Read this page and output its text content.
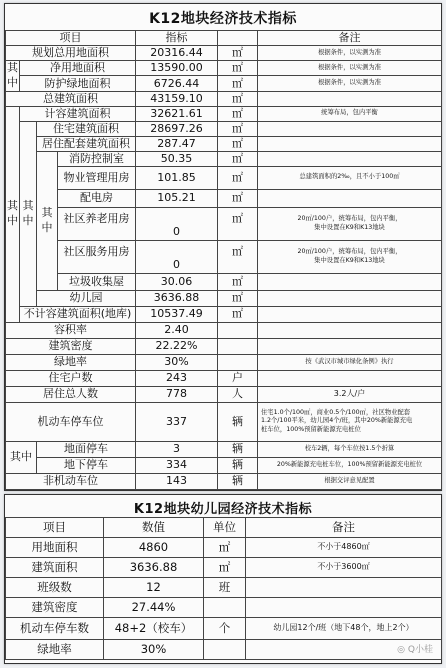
K12地块经济技术指标
项目				指标		备注
规划总用地面积				20316.44	㎡	根据条件，以实测为准
其中	净用地面积			13590.00	㎡	根据条件，以实测为准
	防护绿地面积			6726.44	㎡	根据条件，以实测为准
总建筑面积				43159.10	㎡	
其中	计容建筑面积			32621.61	㎡	统筹布局，包内平衡
	其中	住宅建筑面积		28697.26	㎡	
		居住配套建筑面积		287.47	㎡	
		其中	消防控制室	50.35	㎡	
			物业管理用房	101.85	㎡	总建筑面积的2‰，且不小于100㎡
			配电房	105.21	㎡	
			社区养老用房	0	㎡	20㎡/100户，统筹布局，包内平衡，
集中设置在K9和K13地块

			社区服务用房	0	㎡	20㎡/100户，统筹布局，包内平衡，
集中设置在K9和K13地块

			垃圾收集屋	30.06	㎡	
		幼儿园		3636.88	㎡	
	不计容建筑面积(地库)			10537.49	㎡	
容积率				2.40		
建筑密度				22.22%		
绿地率				30%		按《武汉市城市绿化条例》执行
住宅户数				243	户	
居住总人数				778	人	3.2人/户
机动车停车位				337	辆	住宅1.0个/100㎡，商业0.5个/100㎡，社区物业配套
1.2个/100平米，幼儿园4个/班，其中20%新能源充电
桩车位，100%预留新能源充电桩位

其中		地面停车		3	辆	校车2辆，每个车位按1.5个折算
		地下停车		334	辆	20%新能源充电桩车位，100%预留新能源充电桩位
非机动车位				143	辆	根据交评意见配置
K12地块幼儿园经济技术指标
项目	数值	单位	备注
用地面积	4860	㎡	不小于4860㎡
建筑面积	3636.88	㎡	不小于3600㎡
班级数	12	班	
建筑密度	27.44%		
机动车停车数	48+2（校车）	个	幼儿园12个/班（地下48个，地上2个）
绿地率	30%			◎ Q小桂
